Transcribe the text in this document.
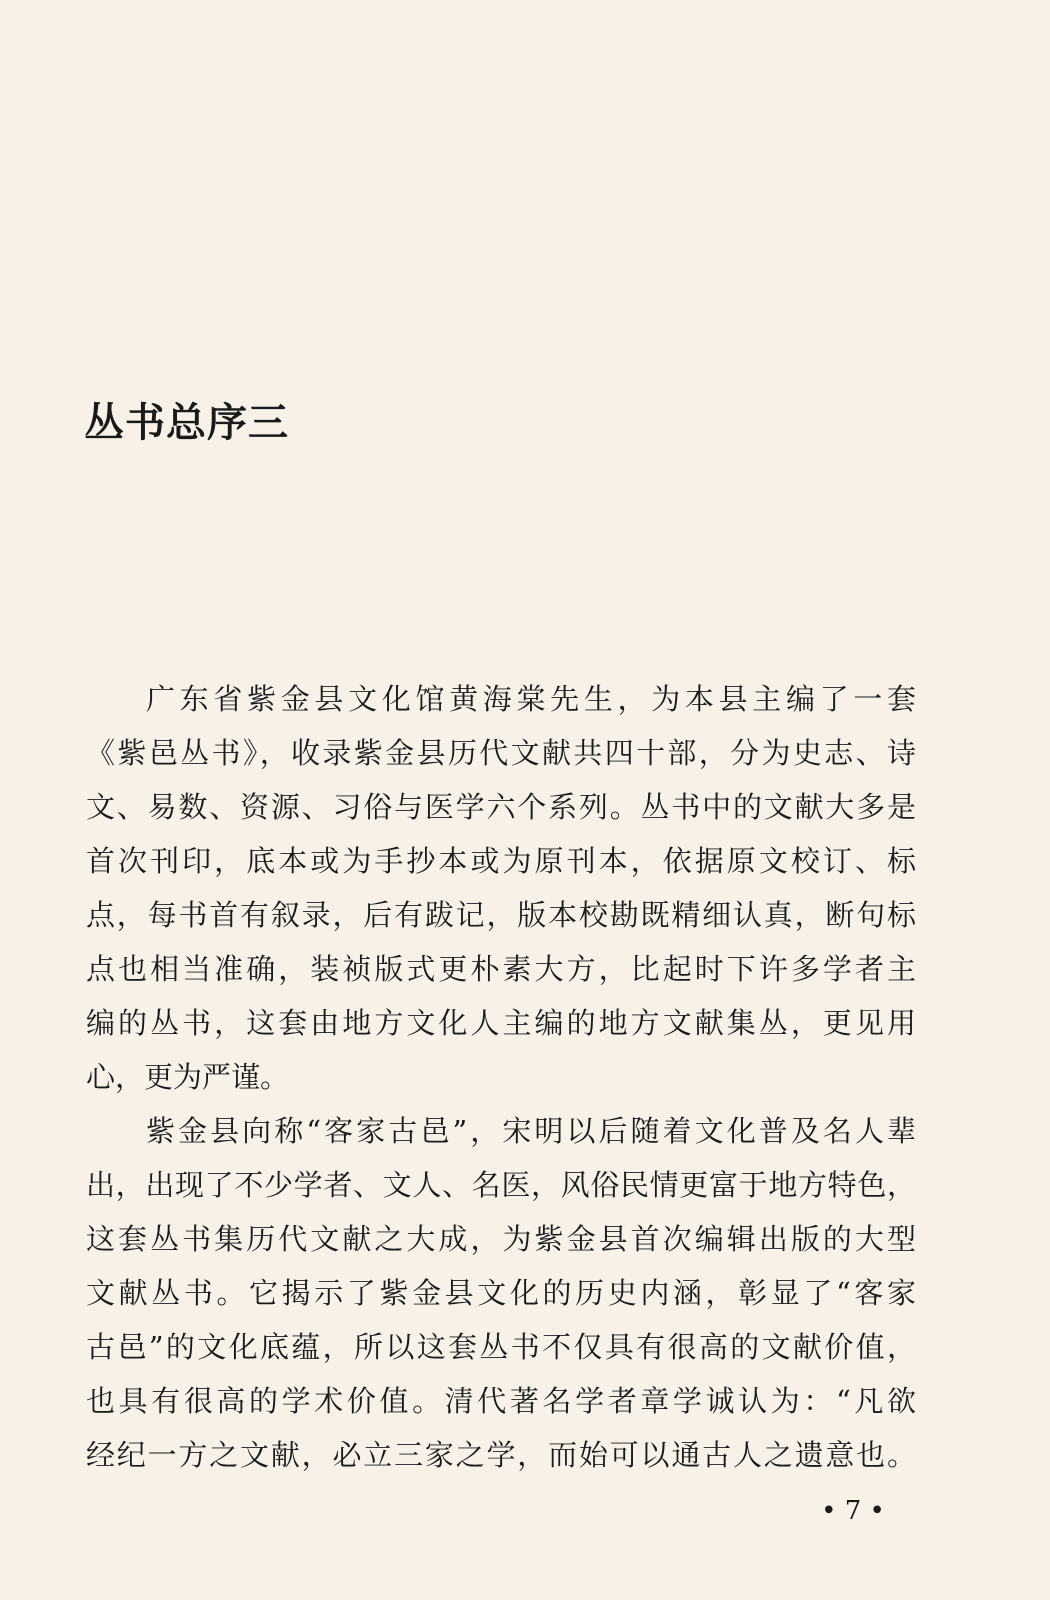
丛书总序三
广东省紫金县文化馆黄海棠先生，为本县主编了一套
《紫邑丛书》，收录紫金县历代文献共四十部，分为史志、诗
文、易数、资源、习俗与医学六个系列。丛书中的文献大多是
首次刊印，底本或为手抄本或为原刊本，依据原文校订、标
点，每书首有叙录，后有跋记，版本校勘既精细认真，断句标
点也相当准确，装祯版式更朴素大方，比起时下许多学者主
编的丛书，这套由地方文化人主编的地方文献集丛，更见用
心，更为严谨。
紫金县向称“客家古邑”，宋明以后随着文化普及名人辈
出，出现了不少学者、文人、名医，风俗民情更富于地方特色，
这套丛书集历代文献之大成，为紫金县首次编辑出版的大型
文献丛书。它揭示了紫金县文化的历史内涵，彰显了“客家
古邑”的文化底蕴，所以这套丛书不仅具有很高的文献价值，
也具有很高的学术价值。清代著名学者章学诚认为：“凡欲
经纪一方之文献，必立三家之学，而始可以通古人之遗意也。
• 7 •
